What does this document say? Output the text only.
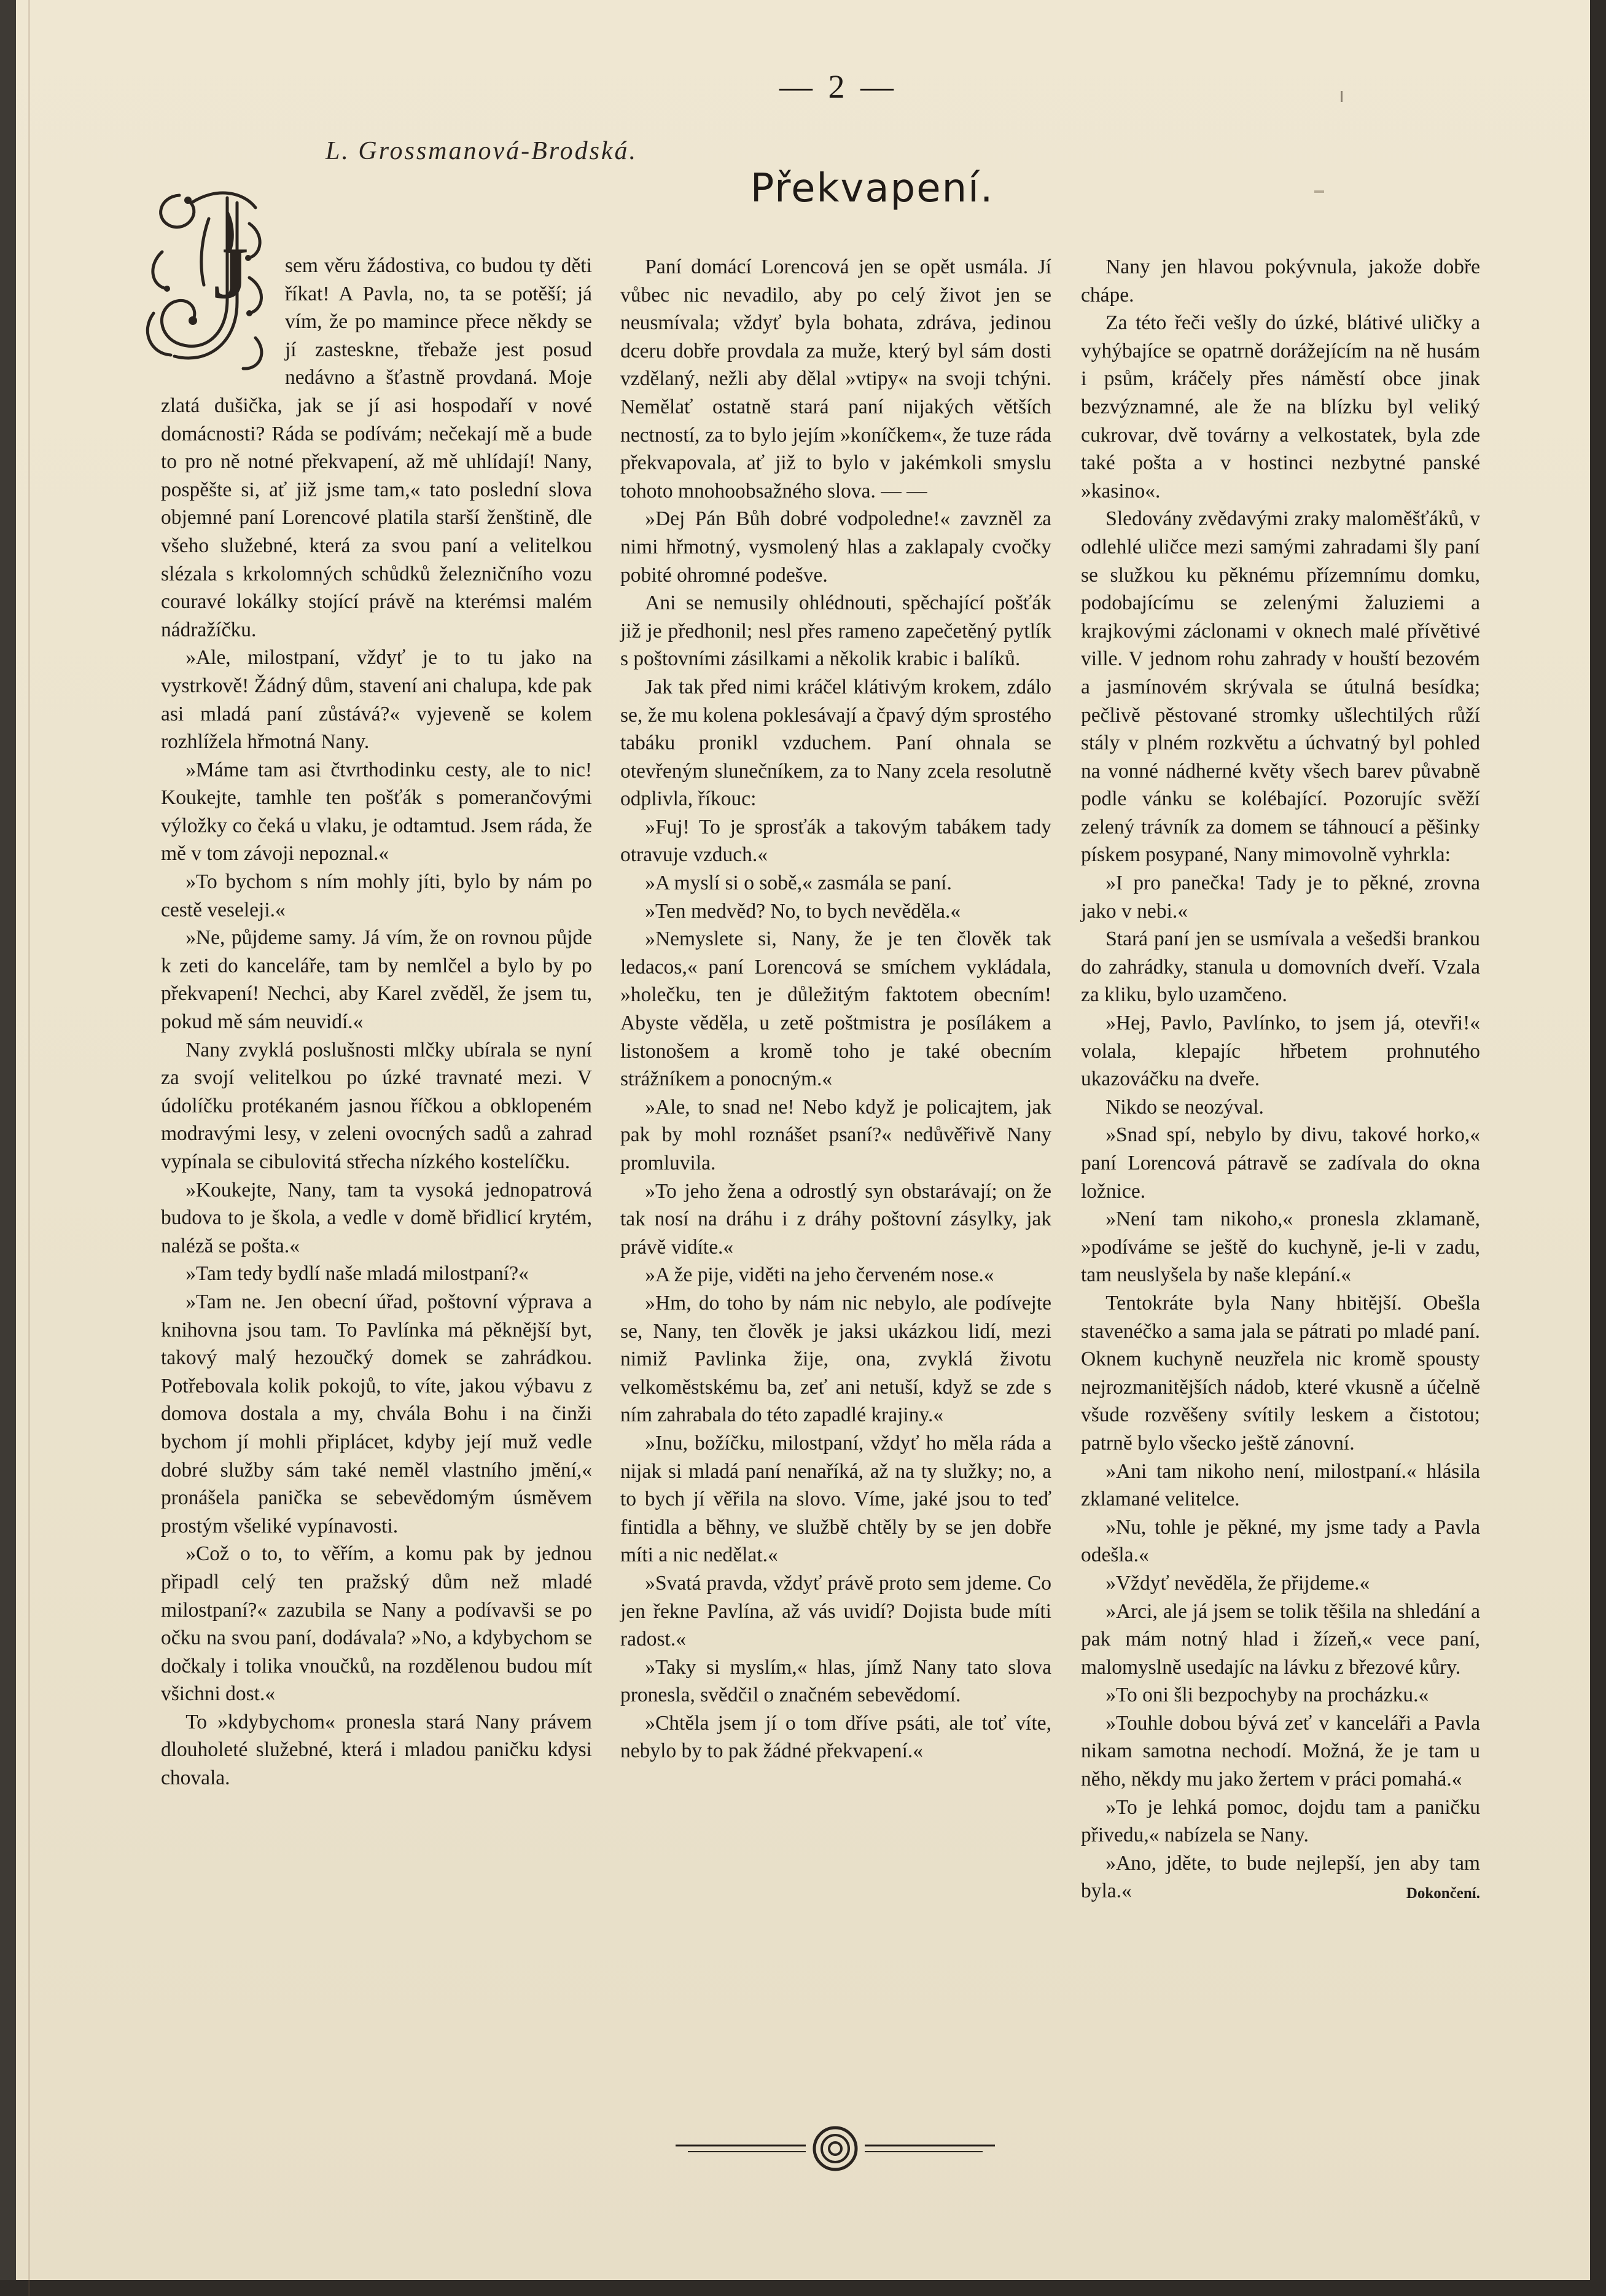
— 2 —
L. Grossmanová-Brodská.
Překvapení.
J	sem věru žádostiva, co budou ty děti říkat! A Pavla, no, ta se potěší; já vím, že po mamince přece někdy se jí zasteskne, třebaže jest posud nedávno a šťastně provdaná. Moje zlatá dušička, jak se jí asi hospodaří v nové domácnosti? Ráda se podívám; nečekají mě a bude to pro ně notné překvapení, až mě uhlídají! Nany, pospěšte si, ať již jsme tam,« tato poslední slova objemné paní Lorencové platila starší ženštině, dle všeho služebné, která za svou paní a velitelkou slézala s krkolomných schůdků železničního vozu couravé lokálky stojící právě na kterémsi malém nádražíčku.

»Ale, milostpaní, vždyť je to tu jako na vystrkově! Žádný dům, stavení ani chalupa, kde pak asi mladá paní zůstává?« vyjeveně se kolem rozhlížela hřmotná Nany.

»Máme tam asi čtvrthodinku cesty, ale to nic! Koukejte, tamhle ten pošťák s pomerančovými výložky co čeká u vlaku, je odtamtud. Jsem ráda, že mě v tom závoji nepoznal.«

»To bychom s ním mohly jíti, bylo by nám po cestě veseleji.«

»Ne, půjdeme samy. Já vím, že on rovnou půjde k zeti do kanceláře, tam by nemlčel a bylo by po překvapení! Nechci, aby Karel zvěděl, že jsem tu, pokud mě sám neuvidí.«

Nany zvyklá poslušnosti mlčky ubírala se nyní za svojí velitelkou po úzké travnaté mezi. V údolíčku protékaném jasnou říčkou a obklopeném modravými lesy, v zeleni ovocných sadů a zahrad vypínala se cibulovitá střecha nízkého kostelíčku.

»Koukejte, Nany, tam ta vysoká jednopatrová budova to je škola, a vedle v domě břidlicí krytém, naléză se pošta.«

»Tam tedy bydlí naše mladá milostpaní?«

»Tam ne. Jen obecní úřad, poštovní výprava a knihovna jsou tam. To Pavlínka má pěknější byt, takový malý hezoučký domek se zahrádkou. Potřebovala kolik pokojů, to víte, jakou výbavu z domova dostala a my, chvála Bohu i na činži bychom jí mohli připlácet, kdyby její muž vedle dobré služby sám také neměl vlastního jmění,« pronášela panička se sebevědomým úsměvem prostým všeliké vypínavosti.

»Což o to, to věřím, a komu pak by jednou připadl celý ten pražský dům než mladé milostpaní?« zazubila se Nany a podívavši se po očku na svou paní, dodávala? »No, a kdybychom se dočkaly i tolika vnoučků, na rozdělenou budou mít všichni dost.«

To »kdybychom« pronesla stará Nany právem dlouholeté služebné, která i mladou paničku kdysi chovala.

Paní domácí Lorencová jen se opět usmála. Jí vůbec nic nevadilo, aby po celý život jen se neusmívala; vždyť byla bohata, zdráva, jedinou dceru dobře provdala za muže, který byl sám dosti vzdělaný, nežli aby dělal »vtipy« na svoji tchýni. Nemělať ostatně stará paní nijakých větších nectností, za to bylo jejím »koníčkem«, že tuze ráda překvapovala, ať již to bylo v jakémkoli smyslu tohoto mnohoobsažného slova. — —

»Dej Pán Bůh dobré vodpoledne!« zavzněl za nimi hřmotný, vysmolený hlas a zaklapaly cvočky pobité ohromné podešve.

Ani se nemusily ohlédnouti, spěchající pošťák již je předhonil; nesl přes rameno zapečetěný pytlík s poštovními zásilkami a několik krabic i balíků.

Jak tak před nimi kráčel klátivým krokem, zdálo se, že mu kolena poklesávají a čpavý dým sprostého tabáku pronikl vzduchem. Paní ohnala se otevřeným slunečníkem, za to Nany zcela resolutně odplivla, říkouc:

»Fuj! To je sprosťák a takovým tabákem tady otravuje vzduch.«

»A myslí si o sobě,« zasmála se paní.

»Ten medvěd? No, to bych nevěděla.«

»Nemyslete si, Nany, že je ten člověk tak ledacos,« paní Lorencová se smíchem vykládala, »holečku, ten je důležitým faktotem obecním! Abyste věděla, u zetě poštmistra je posílákem a listonošem a kromě toho je také obecním strážníkem a ponocným.«

»Ale, to snad ne! Nebo když je policajtem, jak pak by mohl roznášet psaní?« nedůvěřivě Nany promluvila.

»To jeho žena a odrostlý syn obstarávají; on že tak nosí na dráhu i z dráhy poštovní zásylky, jak právě vidíte.«

»A že pije, viděti na jeho červeném nose.«

»Hm, do toho by nám nic nebylo, ale podívejte se, Nany, ten člověk je jaksi ukázkou lidí, mezi nimiž Pavlinka žije, ona, zvyklá životu velkoměstskému ba, zeť ani netuší, když se zde s ním zahrabala do této zapadlé krajiny.«

»Inu, božíčku, milostpaní, vždyť ho měla ráda a nijak si mladá paní nenaříká, až na ty služky; no, a to bych jí věřila na slovo. Víme, jaké jsou to teď fintidla a běhny, ve službě chtěly by se jen dobře míti a nic nedělat.«

»Svatá pravda, vždyť právě proto sem jdeme. Co jen řekne Pavlína, až vás uvidí? Dojista bude míti radost.«

»Taky si myslím,« hlas, jímž Nany tato slova pronesla, svědčil o značném sebevědomí.

»Chtěla jsem jí o tom dříve psáti, ale toť víte, nebylo by to pak žádné překvapení.«

Nany jen hlavou pokývnula, jakože dobře chápe.

Za této řeči vešly do úzké, blátivé uličky a vyhýbajíce se opatrně dorážejícím na ně husám i psům, kráčely přes náměstí obce jinak bezvýznamné, ale že na blízku byl veliký cukrovar, dvě továrny a velkostatek, byla zde také pošta a v hostinci nezbytné panské »kasino«.

Sledovány zvědavými zraky maloměšťáků, v odlehlé uličce mezi samými zahradami šly paní se služkou ku pěknému přízemnímu domku, podobajícímu se zelenými žaluziemi a krajkovými záclonami v oknech malé přívětivé ville. V jednom rohu zahrady v houští bezovém a jasmínovém skrývala se útulná besídka; pečlivě pěstované stromky ušlechtilých růží stály v plném rozkvětu a úchvatný byl pohled na vonné nádherné květy všech barev půvabně podle vánku se kolébající. Pozorujíc svěží zelený trávník za domem se táhnoucí a pěšinky pískem posypané, Nany mimovolně vyhrkla:

»I pro panečka! Tady je to pěkné, zrovna jako v nebi.«

Stará paní jen se usmívala a vešedši brankou do zahrádky, stanula u domovních dveří. Vzala za kliku, bylo uzamčeno.

»Hej, Pavlo, Pavlínko, to jsem já, otevři!« volala, klepajíc hřbetem prohnutého ukazováčku na dveře.

Nikdo se neozýval.

»Snad spí, nebylo by divu, takové horko,« paní Lorencová pátravě se zadívala do okna ložnice.

»Není tam nikoho,« pronesla zklamaně, »podíváme se ještě do kuchyně, je-li v zadu, tam neuslyšela by naše klepání.«

Tentokráte byla Nany hbitější. Obešla stavenéčko a sama jala se pátrati po mladé paní. Oknem kuchyně neuzřela nic kromě spousty nejrozmanitějších nádob, které vkusně a účelně všude rozvěšeny svítily leskem a čistotou; patrně bylo všecko ještě zánovní.

»Ani tam nikoho není, milostpaní.« hlásila zklamané velitelce.

»Nu, tohle je pěkné, my jsme tady a Pavla odešla.«

»Vždyť nevěděla, že přijdeme.«

»Arci, ale já jsem se tolik těšila na shledání a pak mám notný hlad i žízeň,« vece paní, malomyslně usedajíc na lávku z březové kůry.

»To oni šli bezpochyby na procházku.«

»Touhle dobou bývá zeť v kanceláři a Pavla nikam samotna nechodí. Možná, že je tam u něho, někdy mu jako žertem v práci pomahá.«

»To je lehká pomoc, dojdu tam a paničku přivedu,« nabízela se Nany.

»Ano, jděte, to bude nejlepší, jen aby tam byla.«	Dokončení.
